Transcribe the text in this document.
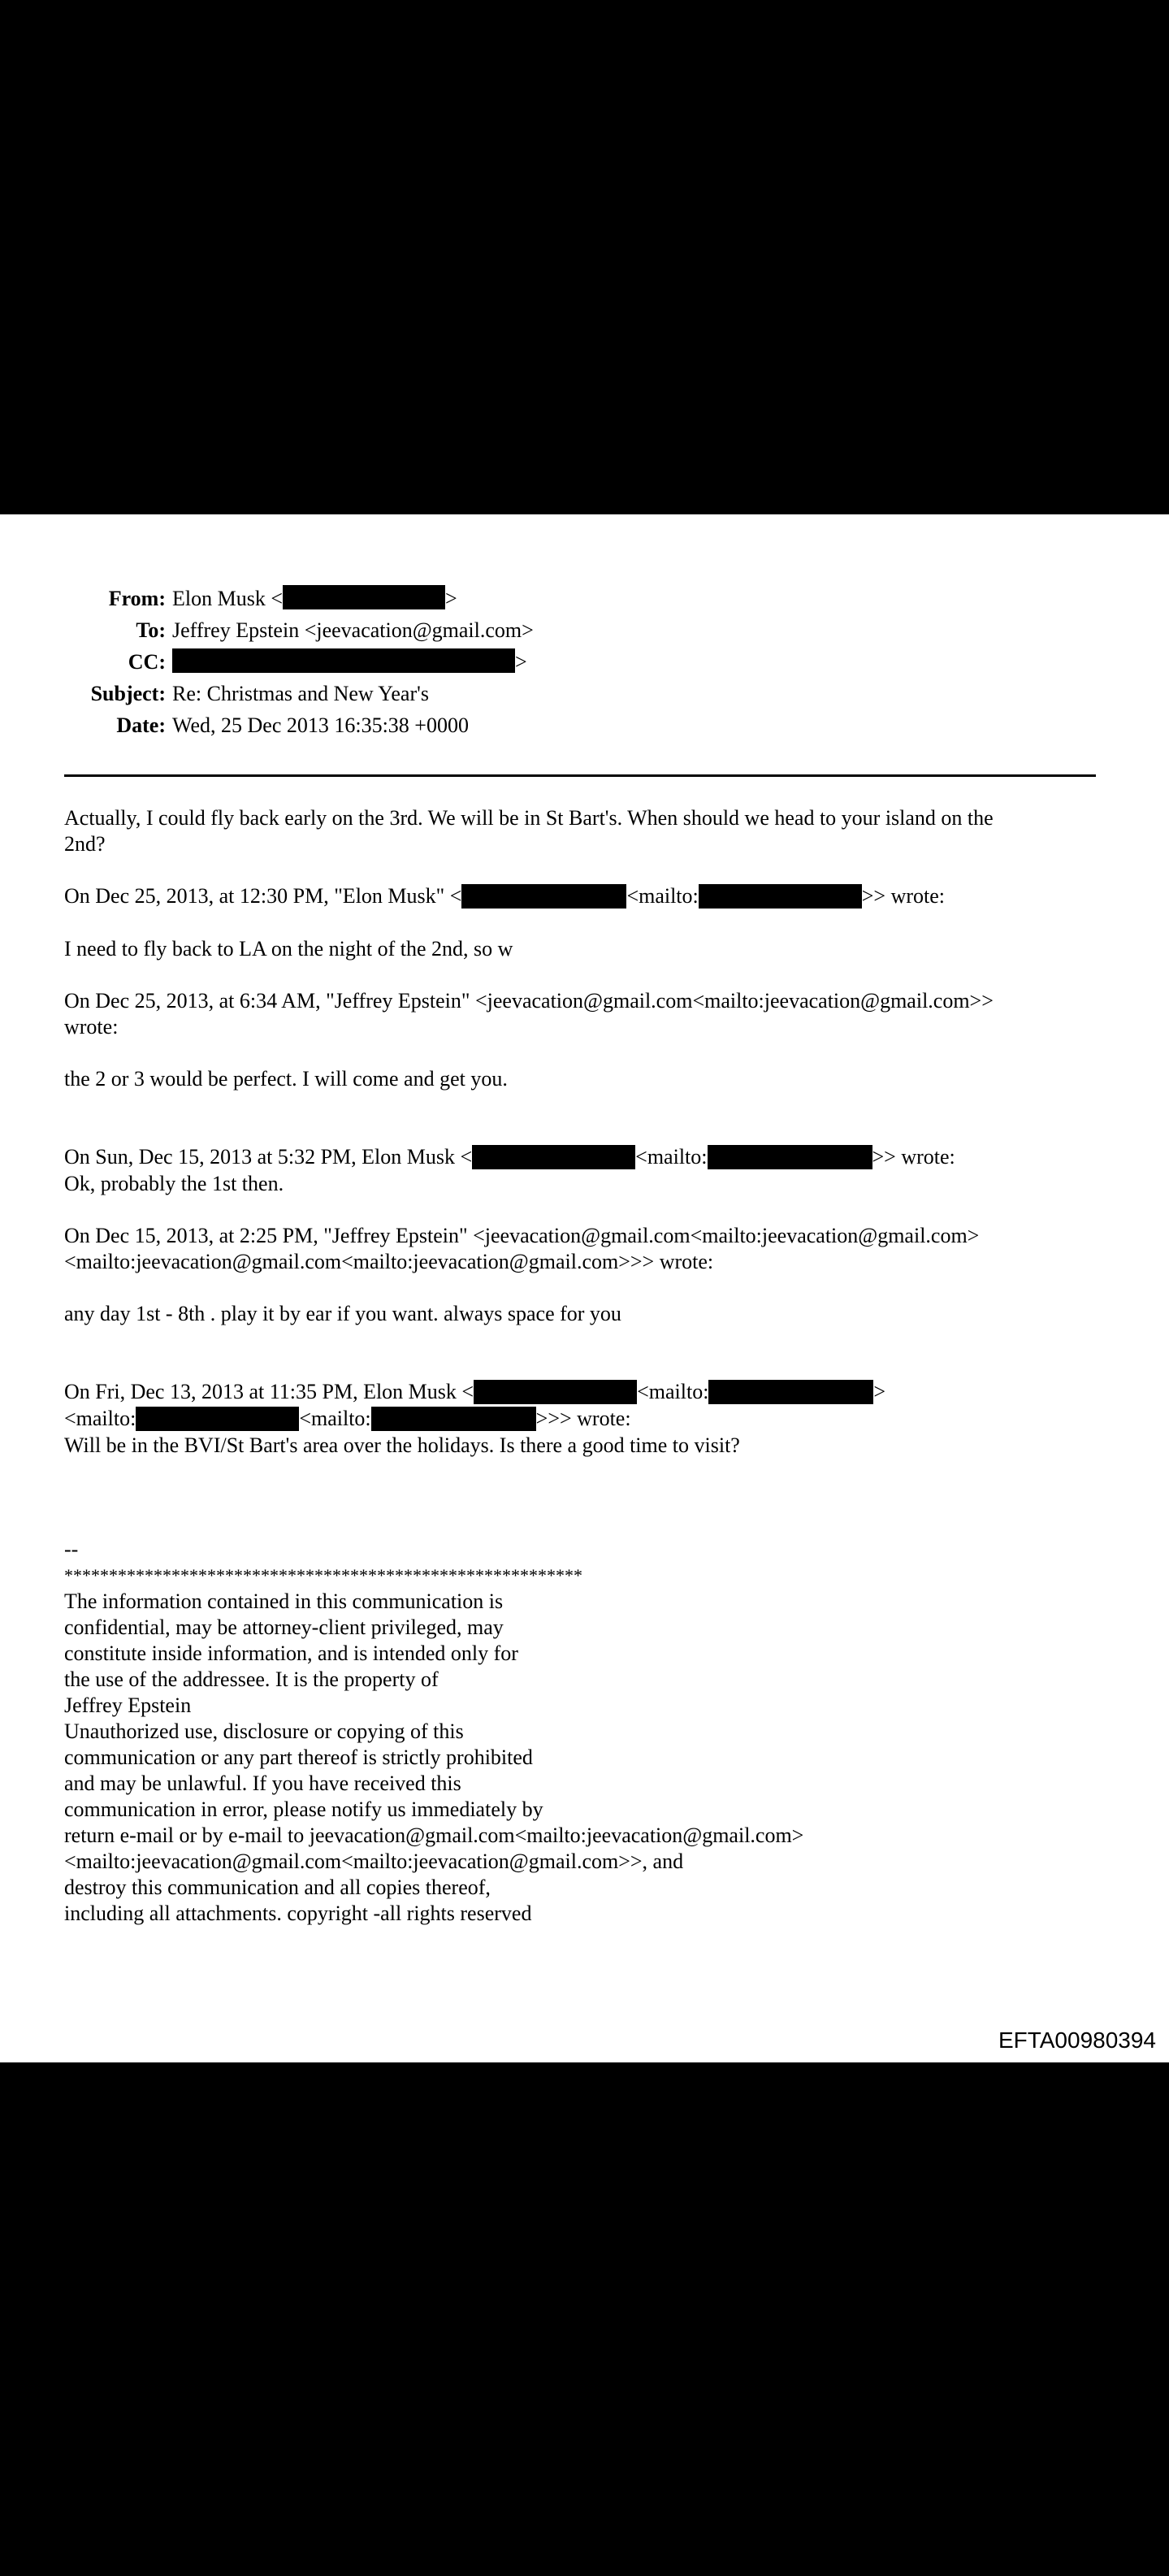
From: Elon Musk <	>
To: Jeffrey Epstein <jeevacation@gmail.com>
CC:	>
Subject: Re: Christmas and New Year's
Date: Wed, 25 Dec 2013 16:35:38 +0000
Actually, I could fly back early on the 3rd. We will be in St Bart's. When should we head to your island on the
2nd?
On Dec 25, 2013, at 12:30 PM, "Elon Musk" <	<mailto:	>> wrote:
I need to fly back to LA on the night of the 2nd, so w
On Dec 25, 2013, at 6:34 AM, "Jeffrey Epstein" <jeevacation@gmail.com<mailto:jeevacation@gmail.com>>
wrote:
the 2 or 3 would be perfect. I will come and get you.
On Sun, Dec 15, 2013 at 5:32 PM, Elon Musk <	<mailto:	>> wrote:
Ok, probably the 1st then.
On Dec 15, 2013, at 2:25 PM, "Jeffrey Epstein" <jeevacation@gmail.com<mailto:jeevacation@gmail.com>
<mailto:jeevacation@gmail.com<mailto:jeevacation@gmail.com>>> wrote:
any day 1st - 8th . play it by ear if you want. always space for you
On Fri, Dec 13, 2013 at 11:35 PM, Elon Musk <	<mailto:	>
<mailto:	<mailto:	>>> wrote:
Will be in the BVI/St Bart's area over the holidays. Is there a good time to visit?
--
**********************************************************
The information contained in this communication is
confidential, may be attorney-client privileged, may
constitute inside information, and is intended only for
the use of the addressee. It is the property of
Jeffrey Epstein
Unauthorized use, disclosure or copying of this
communication or any part thereof is strictly prohibited
and may be unlawful. If you have received this
communication in error, please notify us immediately by
return e-mail or by e-mail to jeevacation@gmail.com<mailto:jeevacation@gmail.com>
<mailto:jeevacation@gmail.com<mailto:jeevacation@gmail.com>>, and
destroy this communication and all copies thereof,
including all attachments. copyright -all rights reserved
EFTA00980394
